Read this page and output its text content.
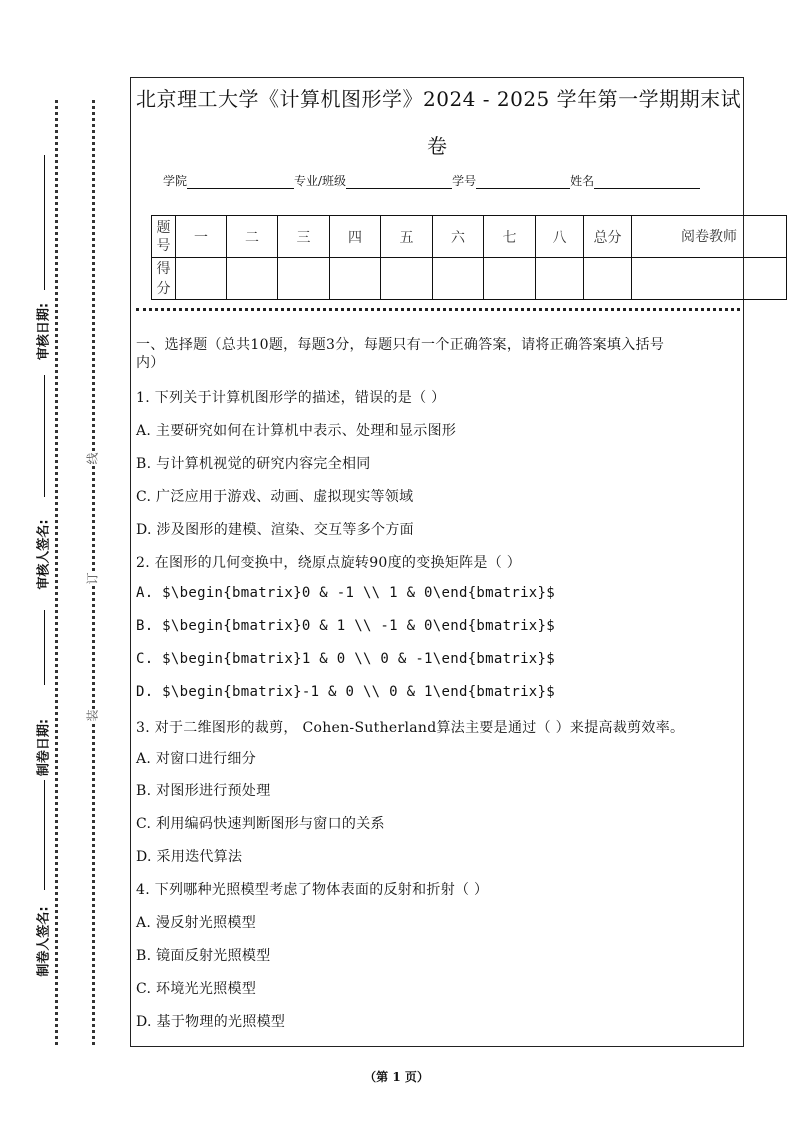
审核日期:
审核人签名:
制卷日期:
制卷人签名:
线
订
装
北京理工大学《计算机图形学》2024 - 2025 学年第一学期期末试
卷
学院	专业/班级	学号	姓名
题号	一	二	三	四	五	六	七	八	总分	阅卷教师
得分										
一、选择题（总共10题，每题3分，每题只有一个正确答案，请将正确答案填入括号
内）
1. 下列关于计算机图形学的描述，错误的是（ ）
A. 主要研究如何在计算机中表示、处理和显示图形
B. 与计算机视觉的研究内容完全相同
C. 广泛应用于游戏、动画、虚拟现实等领域
D. 涉及图形的建模、渲染、交互等多个方面
2. 在图形的几何变换中，绕原点旋转90度的变换矩阵是（ ）
A. $\begin{bmatrix}0 & -1 \\ 1 & 0\end{bmatrix}$
B. $\begin{bmatrix}0 & 1 \\ -1 & 0\end{bmatrix}$
C. $\begin{bmatrix}1 & 0 \\ 0 & -1\end{bmatrix}$
D. $\begin{bmatrix}-1 & 0 \\ 0 & 1\end{bmatrix}$
3. 对于二维图形的裁剪， Cohen-Sutherland算法主要是通过（ ）来提高裁剪效率。
A. 对窗口进行细分
B. 对图形进行预处理
C. 利用编码快速判断图形与窗口的关系
D. 采用迭代算法
4. 下列哪种光照模型考虑了物体表面的反射和折射（ ）
A. 漫反射光照模型
B. 镜面反射光照模型
C. 环境光光照模型
D. 基于物理的光照模型
（第 1 页）
